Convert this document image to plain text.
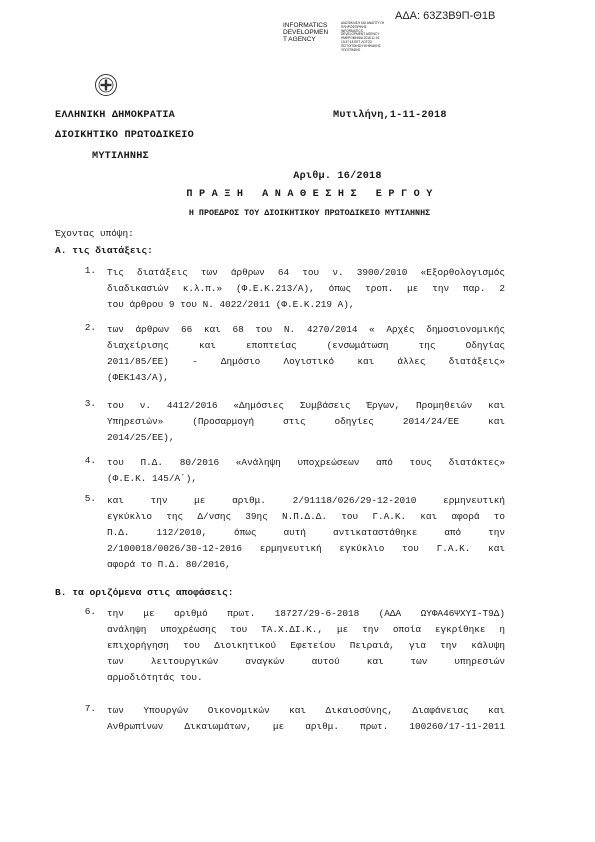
ΑΔΑ: 63Ζ3Β9Π-Θ1Β
INFORMATICS
DEVELOPMEN
T AGENCY
ΔΙΑΣΦΑΛΙΣΗ ΚΑΙ ΑΝΑΠΤΥΞΗ ΠΛΗΡΟΦΟΡΙΚΗΣ INFORMATICS DEVELOPMENT AGENCY ΗΜΕΡΟΜΗΝΙΑ 2018.11.01 13:37:18 EET ΛΟΓΟΣ: ΠΙΣΤΟΠΟΙΗΣΗ ΨΗΦΙΑΚΗΣ ΥΠΟΓΡΑΦΗΣ
ΕΛΛΗΝΙΚΗ ΔΗΜΟΚΡΑΤΙΑ
ΔΙΟΙΚΗΤΙΚΟ ΠΡΩΤΟΔΙΚΕΙΟ
ΜΥΤΙΛΗΝΗΣ
Μυτιλήνη,1-11-2018
Αριθμ. 16/2018
Π Ρ Α Ξ Η   Α Ν Α Θ Ε Σ Η Σ   Ε Ρ Γ Ο Υ
Η ΠΡΟΕΔΡΟΣ ΤΟΥ ΔΙΟΙΚΗΤΙΚΟΥ ΠΡΩΤΟΔΙΚΕΙΟ ΜΥΤΙΛΗΝΗΣ
Έχοντας υπόψη:
Α. τις διατάξεις:
1. Τις διατάξεις των άρθρων 64 του ν. 3900/2010 «Εξορθολογισμός
διαδικασιών κ.λ.π.» (Φ.Ε.Κ.213/Α), όπως τροπ. με την παρ. 2
του άρθρου 9 του Ν. 4022/2011 (Φ.Ε.Κ.219 Α),
2. των άρθρων 66 και 68 του Ν. 4270/2014 « Αρχές δημοσιονομικής
διαχείρισης και εποπτείας (ενσωμάτωση της Οδηγίας
2011/85/ΕΕ) - Δημόσιο Λογιστικό και άλλες διατάξεις»
(ΦΕΚ143/Α),
3. του ν. 4412/2016 «Δημόσιες Συμβάσεις Έργων, Προμηθειών και
Υπηρεσιών» (Προσαρμογή στις οδηγίες 2014/24/ΕΕ και
2014/25/ΕΕ),
4. του Π.Δ. 80/2016 «Ανάληψη υποχρεώσεων από τους διατάκτες»
(Φ.Ε.Κ. 145/Α΄),
5. και την με αριθμ. 2/91118/026/29-12-2010 ερμηνευτική
εγκύκλιο της Δ/νσης 39ης Ν.Π.Δ.Δ. του Γ.Α.Κ. και αφορά το
Π.Δ. 112/2010, όπως αυτή αντικαταστάθηκε από την
2/100018/0026/30-12-2016 ερμηνευτική εγκύκλιο του Γ.Α.Κ. και
αφορά το Π.Δ. 80/2016,
Β. τα οριζόμενα στις αποφάσεις:
6. την με αριθμό πρωτ. 18727/29-6-2018 (ΑΔΑ ΩΥΦΑ46ΨΧΥΙ-Τ9Δ)
ανάληψη υποχρέωσης του ΤΑ.Χ.ΔΙ.Κ., με την οποία εγκρίθηκε η
επιχορήγηση του Διοικητικού Εφετείου Πειραιά, για την κάλυψη
των λειτουργικών αναγκών αυτού και των υπηρεσιών
αρμοδιότητάς του.
7. των Υπουργών Οικονομικών και Δικαιοσύνης, Διαφάνειας και
Ανθρωπίνων Δικαιωμάτων, με αριθμ. πρωτ. 100260/17-11-2011
